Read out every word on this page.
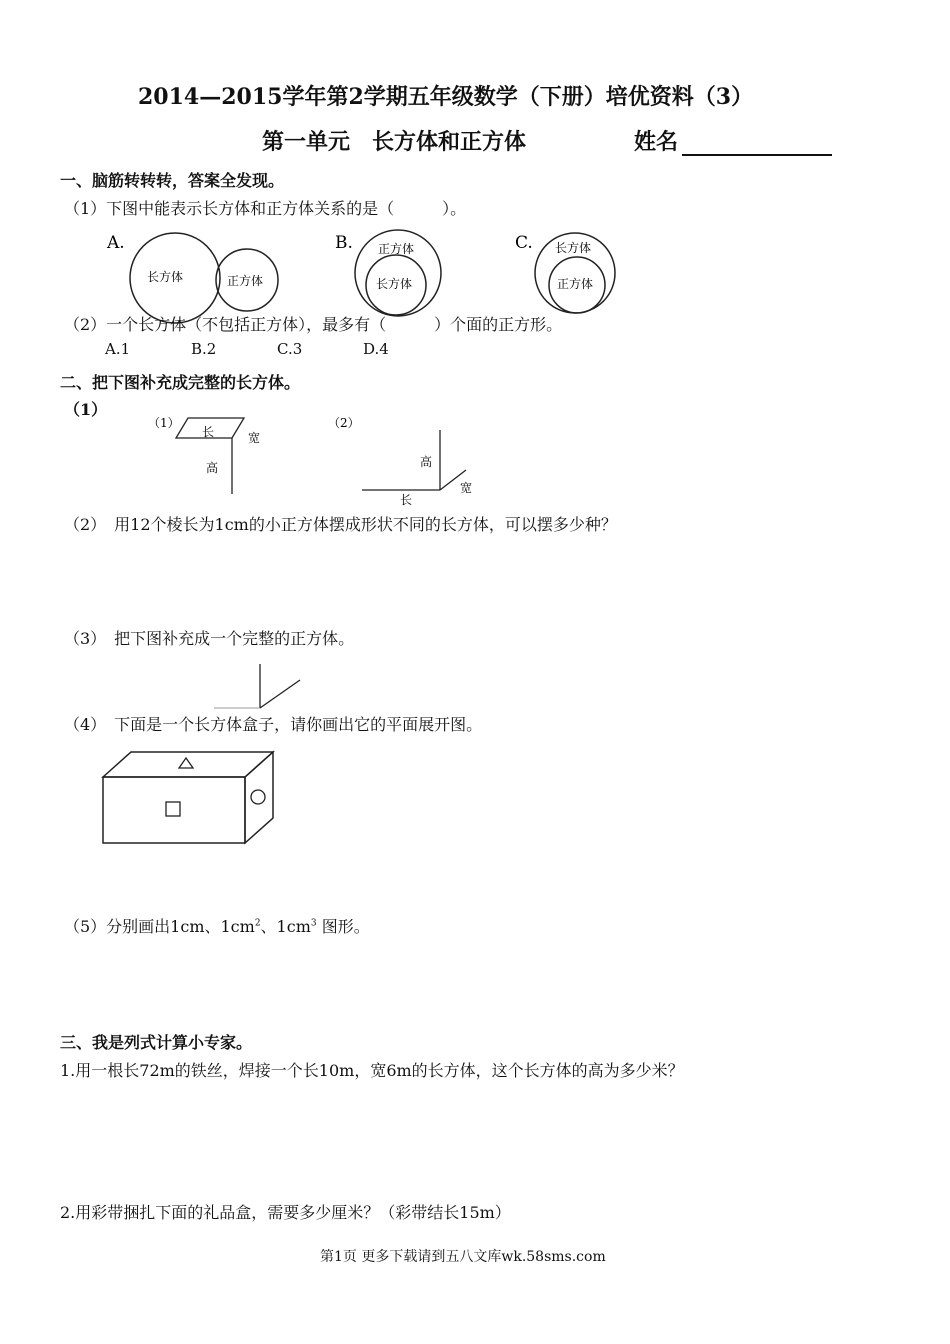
2014—2015学年第2学期五年级数学（下册）培优资料（3）
第一单元　长方体和正方体	姓名
一、脑筋转转转，答案全发现。
（1）下图中能表示长方体和正方体关系的是（　　　）。
A.
长方体	正方体
B. 正方体
长方体
C. 长方体
正方体
（2）一个长方体（不包括正方体），最多有（　　　）个面的正方形。
A.1	B.2	C.3	D.4
二、把下图补充成完整的长方体。
（1）
（1）
长	宽
高
（2）
高
长
宽
（2）　用12个棱长为1cm的小正方体摆成形状不同的长方体，可以摆多少种？
（3）　把下图补充成一个完整的正方体。
（4）　下面是一个长方体盒子，请你画出它的平面展开图。
（5）分别画出1cm、$1cm^2$、$1cm^3$ 图形。
三、我是列式计算小专家。
1.用一根长72m的铁丝，焊接一个长10m，宽6m的长方体，这个长方体的高为多少米？
2.用彩带捆扎下面的礼品盒，需要多少厘米？（彩带结长15m）
第1页 更多下载请到五八文库wk.58sms.com
